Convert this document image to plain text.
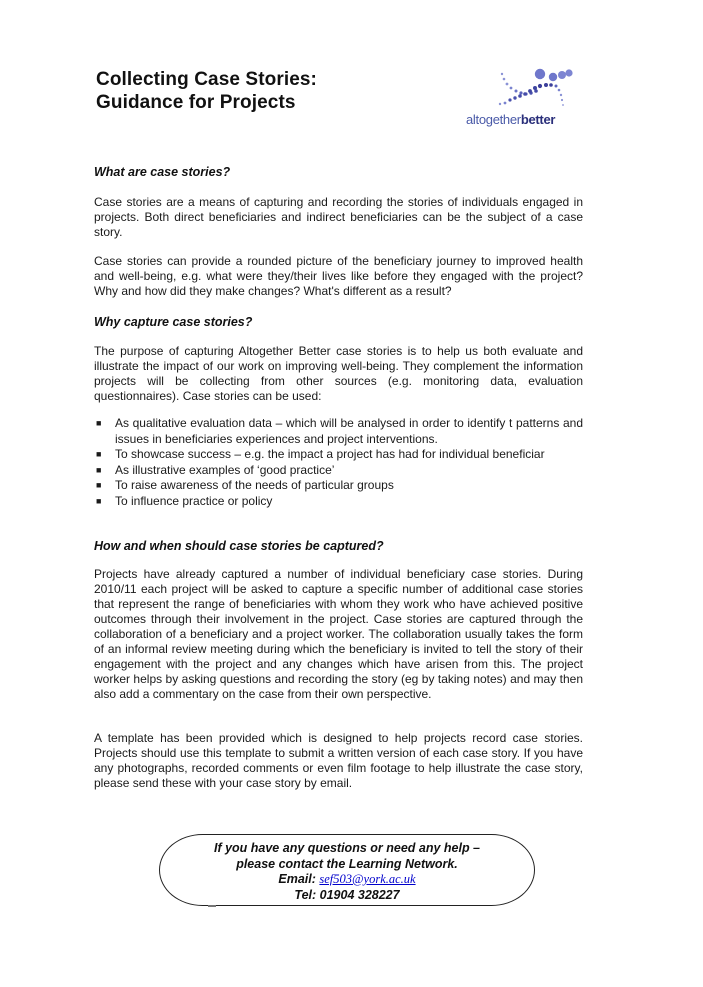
Collecting Case Stories:
Guidance for Projects
altogetherbetter
What are case stories?

Case stories are a means of capturing and recording the stories of individuals engaged in projects. Both direct beneficiaries and indirect beneficiaries can be the subject of a case story.

Case stories can provide a rounded picture of the beneficiary journey to improved health and well-being, e.g. what were they/their lives like before they engaged with the project? Why and how did they make changes? What's different as a result?

Why capture case stories?

The purpose of capturing Altogether Better case stories is to help us both evaluate and illustrate the impact of our work on improving well-being. They complement the information projects will be collecting from other sources (e.g. monitoring data, evaluation questionnaires). Case stories can be used:

■ As qualitative evaluation data – which will be analysed in order to identify t patterns and issues in beneficiaries experiences and project interventions.
■ To showcase success – e.g. the impact a project has had for individual beneficiar
■ As illustrative examples of ‘good practice’
■ To raise awareness of the needs of particular groups
■ To influence practice or policy
How and when should case stories be captured?

Projects have already captured a number of individual beneficiary case stories. During 2010/11 each project will be asked to capture a specific number of additional case stories that represent the range of beneficiaries with whom they work who have achieved positive outcomes through their involvement in the project. Case stories are captured through the collaboration of a beneficiary and a project worker. The collaboration usually takes the form of an informal review meeting during which the beneficiary is invited to tell the story of their engagement with the project and any changes which have arisen from this. The project worker helps by asking questions and recording the story (eg by taking notes) and may then also add a commentary on the case from their own perspective.

A template has been provided which is designed to help projects record case stories. Projects should use this template to submit a written version of each case story. If you have any photographs, recorded comments or even film footage to help illustrate the case story, please send these with your case story by email.

If you have any questions or need any help –
please contact the Learning Network.
Email: sef503@york.ac.uk
Tel: 01904 328227
